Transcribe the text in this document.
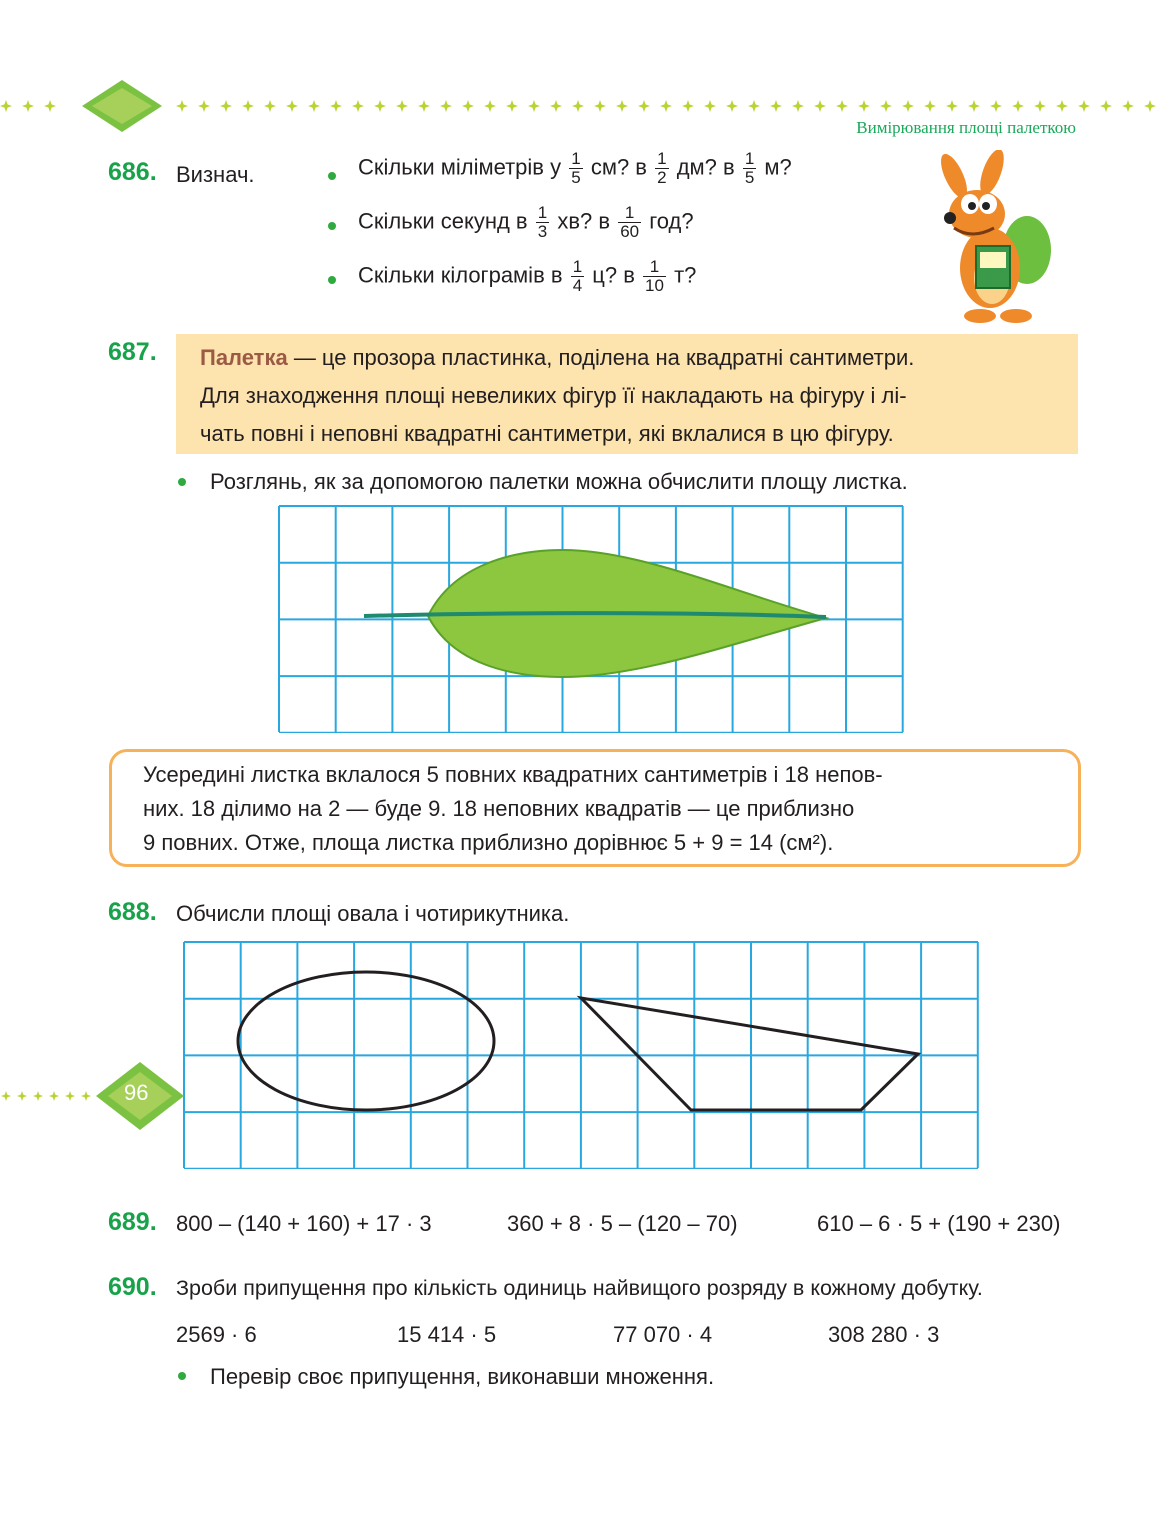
Вимірювання площі палеткою
686. Визнач.	Скільки міліметрів у $\frac{1}{5}$ см? в $\frac{1}{2}$ дм? в $\frac{1}{5} м$?
Скільки секунд в $\frac{1}{3}$ хв? в $\frac{1}{60}$ год?
Скільки кілограмів в $\frac{1}{4} ц$? в $\frac{1}{10} т$?
687. Палетка — це прозора пластинка, поділена на квадратні сантиметри.
Для знаходження площі невеликих фігур її накладають на фігуру і лі-
чать повні і неповні квадратні сантиметри, які вклалися в цю фігуру.
Розглянь, як за допомогою палетки можна обчислити площу листка.
Усередині листка вклалося 5 повних квадратних сантиметрів і 18 непов-
них. 18 ділимо на 2 — буде 9. 18 неповних квадратів — це приблизно
9 повних. Отже, площа листка приблизно дорівнює 5 + 9 = 14 (см²).
688. Обчисли площі овала і чотирикутника.
689. 800 – (140 + 160) + 17 · 3	360 + 8 · 5 – (120 – 70)	610 – 6 · 5 + (190 + 230)
690. Зроби припущення про кількість одиниць найвищого розряду в кожному добутку.
2569 · 6	15 414 · 5	77 070 · 4	308 280 · 3
Перевір своє припущення, виконавши множення.
96
